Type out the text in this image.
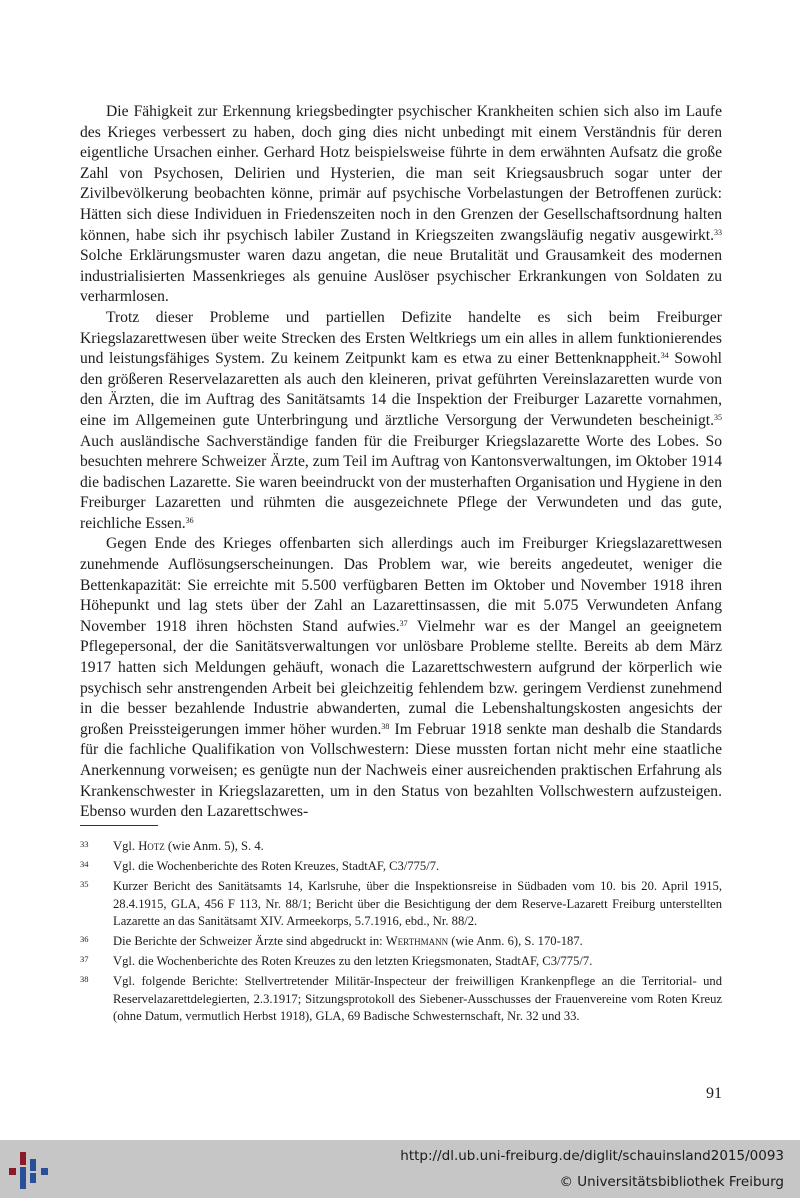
Die Fähigkeit zur Erkennung kriegsbedingter psychischer Krankheiten schien sich also im Laufe des Krieges verbessert zu haben, doch ging dies nicht unbedingt mit einem Verständnis für deren eigentliche Ursachen einher. Gerhard Hotz beispielsweise führte in dem erwähnten Aufsatz die große Zahl von Psychosen, Delirien und Hysterien, die man seit Kriegsausbruch sogar unter der Zivilbevölkerung beobachten könne, primär auf psychische Vorbelastungen der Betroffenen zurück: Hätten sich diese Individuen in Friedenszeiten noch in den Grenzen der Gesellschaftsordnung halten können, habe sich ihr psychisch labiler Zustand in Kriegszeiten zwangsläufig negativ ausgewirkt.$^{33}$ Solche Erklärungsmuster waren dazu angetan, die neue Brutalität und Grausamkeit des modernen industrialisierten Massenkrieges als genuine Auslöser psychischer Erkrankungen von Soldaten zu verharmlosen.

Trotz dieser Probleme und partiellen Defizite handelte es sich beim Freiburger Kriegslazarettwesen über weite Strecken des Ersten Weltkriegs um ein alles in allem funktionierendes und leistungsfähiges System. Zu keinem Zeitpunkt kam es etwa zu einer Bettenknappheit.$^{34}$ Sowohl den größeren Reservelazaretten als auch den kleineren, privat geführten Vereinslazaretten wurde von den Ärzten, die im Auftrag des Sanitätsamts 14 die Inspektion der Freiburger Lazarette vornahmen, eine im Allgemeinen gute Unterbringung und ärztliche Versorgung der Verwundeten bescheinigt.$^{35}$ Auch ausländische Sachverständige fanden für die Freiburger Kriegslazarette Worte des Lobes. So besuchten mehrere Schweizer Ärzte, zum Teil im Auftrag von Kantonsverwaltungen, im Oktober 1914 die badischen Lazarette. Sie waren beeindruckt von der musterhaften Organisation und Hygiene in den Freiburger Lazaretten und rühmten die ausgezeichnete Pflege der Verwundeten und das gute, reichliche Essen.$^{36}$

Gegen Ende des Krieges offenbarten sich allerdings auch im Freiburger Kriegslazarettwesen zunehmende Auflösungserscheinungen. Das Problem war, wie bereits angedeutet, weniger die Bettenkapazität: Sie erreichte mit 5.500 verfügbaren Betten im Oktober und November 1918 ihren Höhepunkt und lag stets über der Zahl an Lazarettinsassen, die mit 5.075 Verwundeten Anfang November 1918 ihren höchsten Stand aufwies.$^{37}$ Vielmehr war es der Mangel an geeignetem Pflegepersonal, der die Sanitätsverwaltungen vor unlösbare Probleme stellte. Bereits ab dem März 1917 hatten sich Meldungen gehäuft, wonach die Lazarettschwestern aufgrund der körperlich wie psychisch sehr anstrengenden Arbeit bei gleichzeitig fehlendem bzw. geringem Verdienst zunehmend in die besser bezahlende Industrie abwanderten, zumal die Lebenshaltungskosten angesichts der großen Preissteigerungen immer höher wurden.$^{38}$ Im Februar 1918 senkte man deshalb die Standards für die fachliche Qualifikation von Vollschwestern: Diese mussten fortan nicht mehr eine staatliche Anerkennung vorweisen; es genügte nun der Nachweis einer ausreichenden praktischen Erfahrung als Krankenschwester in Kriegslazaretten, um in den Status von bezahlten Vollschwestern aufzusteigen. Ebenso wurden den Lazarettschwes-

33	Vgl. Hotz (wie Anm. 5), S. 4.
34	Vgl. die Wochenberichte des Roten Kreuzes, StadtAF, C3/775/7.
35	Kurzer Bericht des Sanitätsamts 14, Karlsruhe, über die Inspektionsreise in Südbaden vom 10. bis 20. April 1915, 28.4.1915, GLA, 456 F 113, Nr. 88/1; Bericht über die Besichtigung der dem Reserve-Lazarett Freiburg unterstellten Lazarette an das Sanitätsamt XIV. Armeekorps, 5.7.1916, ebd., Nr. 88/2.
36	Die Berichte der Schweizer Ärzte sind abgedruckt in: Werthmann (wie Anm. 6), S. 170-187.
37	Vgl. die Wochenberichte des Roten Kreuzes zu den letzten Kriegsmonaten, StadtAF, C3/775/7.
38	Vgl. folgende Berichte: Stellvertretender Militär-Inspecteur der freiwilligen Krankenpflege an die Territorial- und Reservelazarettdelegierten, 2.3.1917; Sitzungsprotokoll des Siebener-Ausschusses der Frauenvereine vom Roten Kreuz (ohne Datum, vermutlich Herbst 1918), GLA, 69 Badische Schwesternschaft, Nr. 32 und 33.
91
http://dl.ub.uni-freiburg.de/diglit/schauinsland2015/0093
© Universitätsbibliothek Freiburg
